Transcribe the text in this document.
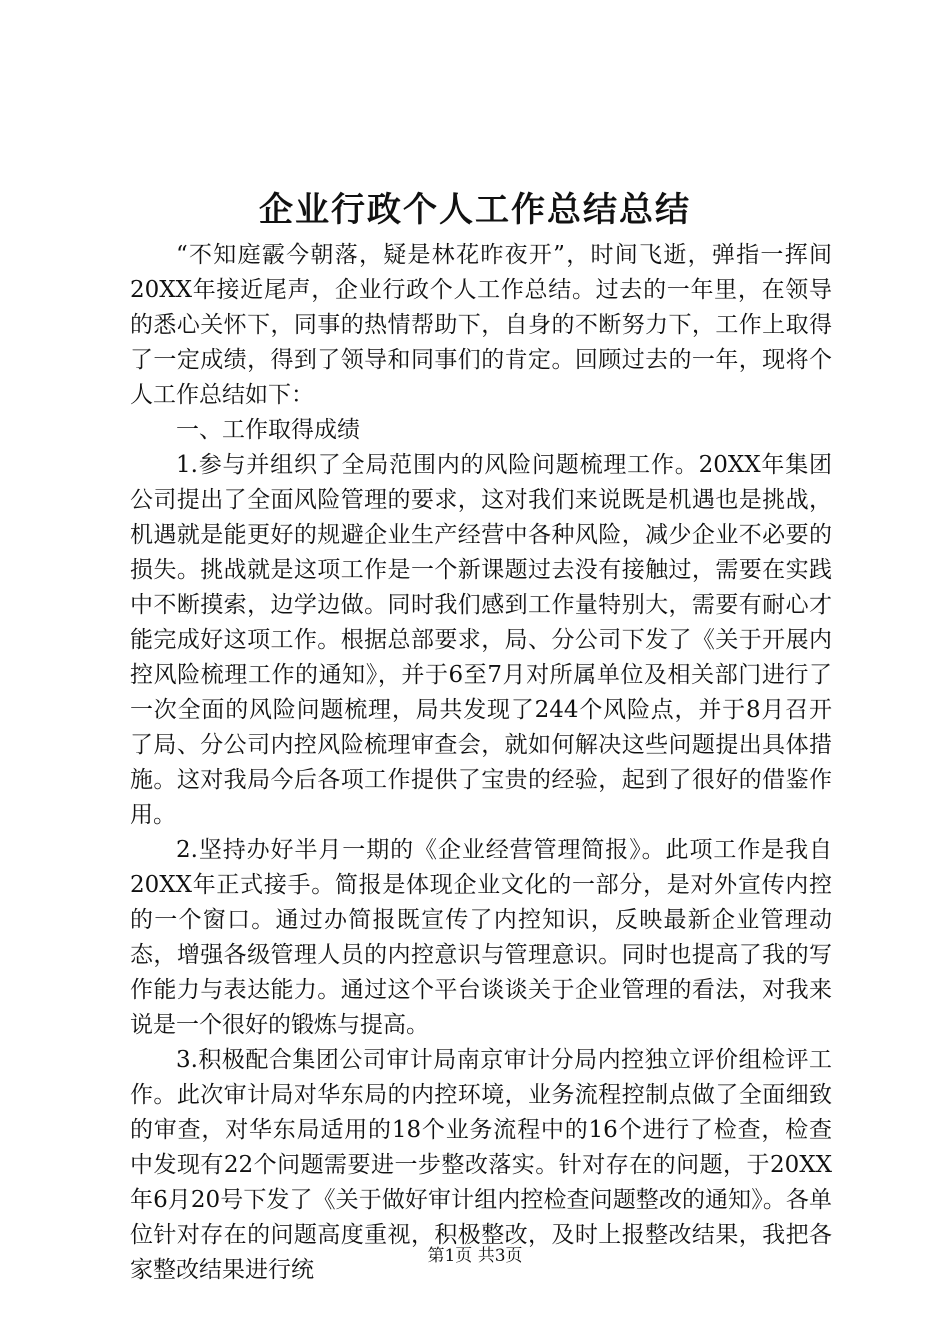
企业行政个人工作总结总结

“不知庭霰今朝落，疑是林花昨夜开”，时间飞逝，弹指一挥间20XX年接近尾声，企业行政个人工作总结。过去的一年里，在领导的悉心关怀下，同事的热情帮助下，自身的不断努力下，工作上取得了一定成绩，得到了领导和同事们的肯定。回顾过去的一年，现将个人工作总结如下：

一、工作取得成绩

1.参与并组织了全局范围内的风险问题梳理工作。20XX年集团公司提出了全面风险管理的要求，这对我们来说既是机遇也是挑战，机遇就是能更好的规避企业生产经营中各种风险，减少企业不必要的损失。挑战就是这项工作是一个新课题过去没有接触过，需要在实践中不断摸索，边学边做。同时我们感到工作量特别大，需要有耐心才能完成好这项工作。根据总部要求，局、分公司下发了《关于开展内控风险梳理工作的通知》，并于6至7月对所属单位及相关部门进行了一次全面的风险问题梳理，局共发现了244个风险点，并于8月召开了局、分公司内控风险梳理审查会，就如何解决这些问题提出具体措施。这对我局今后各项工作提供了宝贵的经验，起到了很好的借鉴作用。

2.坚持办好半月一期的《企业经营管理简报》。此项工作是我自20XX年正式接手。简报是体现企业文化的一部分，是对外宣传内控的一个窗口。通过办简报既宣传了内控知识，反映最新企业管理动态，增强各级管理人员的内控意识与管理意识。同时也提高了我的写作能力与表达能力。通过这个平台谈谈关于企业管理的看法，对我来说是一个很好的锻炼与提高。

3.积极配合集团公司审计局南京审计分局内控独立评价组检评工作。此次审计局对华东局的内控环境，业务流程控制点做了全面细致的审查，对华东局适用的18个业务流程中的16个进行了检查，检查中发现有22个问题需要进一步整改落实。针对存在的问题，于20XX年6月20号下发了《关于做好审计组内控检查问题整改的通知》。各单位针对存在的问题高度重视，积极整改，及时上报整改结果，我把各家整改结果进行统

第1页 共3页
